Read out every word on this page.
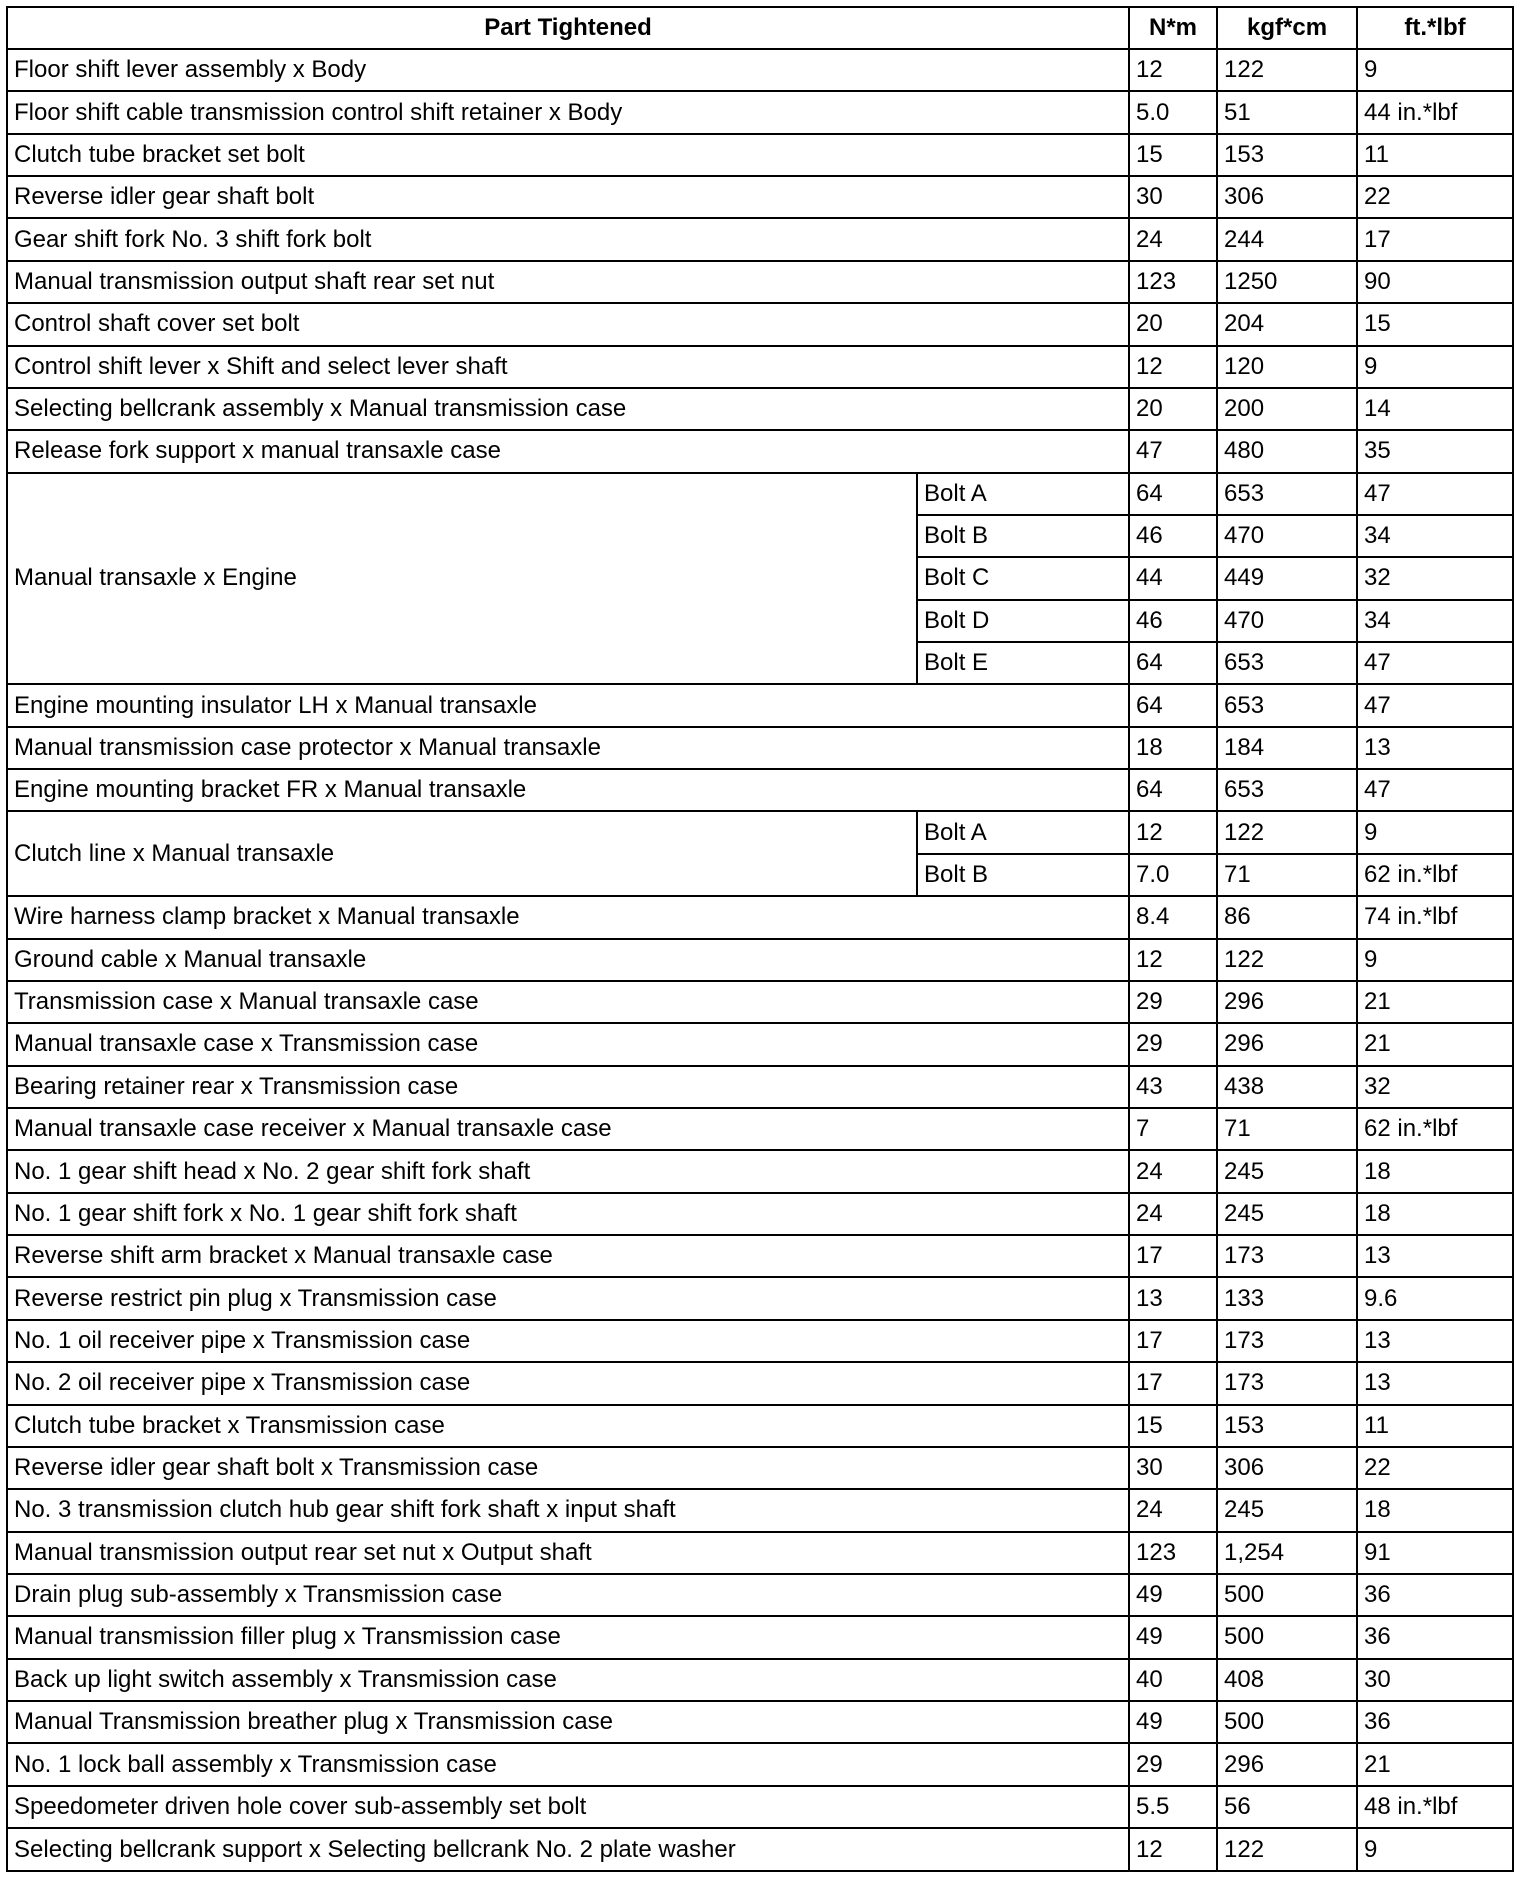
Part Tightened		N*m	kgf*cm	ft.*lbf
Floor shift lever assembly x Body		12	122	9
Floor shift cable transmission control shift retainer x Body		5.0	51	44 in.*lbf
Clutch tube bracket set bolt		15	153	11
Reverse idler gear shaft bolt		30	306	22
Gear shift fork No. 3 shift fork bolt		24	244	17
Manual transmission output shaft rear set nut		123	1250	90
Control shaft cover set bolt		20	204	15
Control shift lever x Shift and select lever shaft		12	120	9
Selecting bellcrank assembly x Manual transmission case		20	200	14
Release fork support x manual transaxle case		47	480	35
Manual transaxle x Engine	Bolt A	64	653	47
	Bolt B	46	470	34
	Bolt C	44	449	32
	Bolt D	46	470	34
	Bolt E	64	653	47
Engine mounting insulator LH x Manual transaxle		64	653	47
Manual transmission case protector x Manual transaxle		18	184	13
Engine mounting bracket FR x Manual transaxle		64	653	47
Clutch line x Manual transaxle	Bolt A	12	122	9
	Bolt B	7.0	71	62 in.*lbf
Wire harness clamp bracket x Manual transaxle		8.4	86	74 in.*lbf
Ground cable x Manual transaxle		12	122	9
Transmission case x Manual transaxle case		29	296	21
Manual transaxle case x Transmission case		29	296	21
Bearing retainer rear x Transmission case		43	438	32
Manual transaxle case receiver x Manual transaxle case		7	71	62 in.*lbf
No. 1 gear shift head x No. 2 gear shift fork shaft		24	245	18
No. 1 gear shift fork x No. 1 gear shift fork shaft		24	245	18
Reverse shift arm bracket x Manual transaxle case		17	173	13
Reverse restrict pin plug x Transmission case		13	133	9.6
No. 1 oil receiver pipe x Transmission case		17	173	13
No. 2 oil receiver pipe x Transmission case		17	173	13
Clutch tube bracket x Transmission case		15	153	11
Reverse idler gear shaft bolt x Transmission case		30	306	22
No. 3 transmission clutch hub gear shift fork shaft x input shaft		24	245	18
Manual transmission output rear set nut x Output shaft		123	1,254	91
Drain plug sub-assembly x Transmission case		49	500	36
Manual transmission filler plug x Transmission case		49	500	36
Back up light switch assembly x Transmission case		40	408	30
Manual Transmission breather plug x Transmission case		49	500	36
No. 1 lock ball assembly x Transmission case		29	296	21
Speedometer driven hole cover sub-assembly set bolt		5.5	56	48 in.*lbf
Selecting bellcrank support x Selecting bellcrank No. 2 plate washer		12	122	9
